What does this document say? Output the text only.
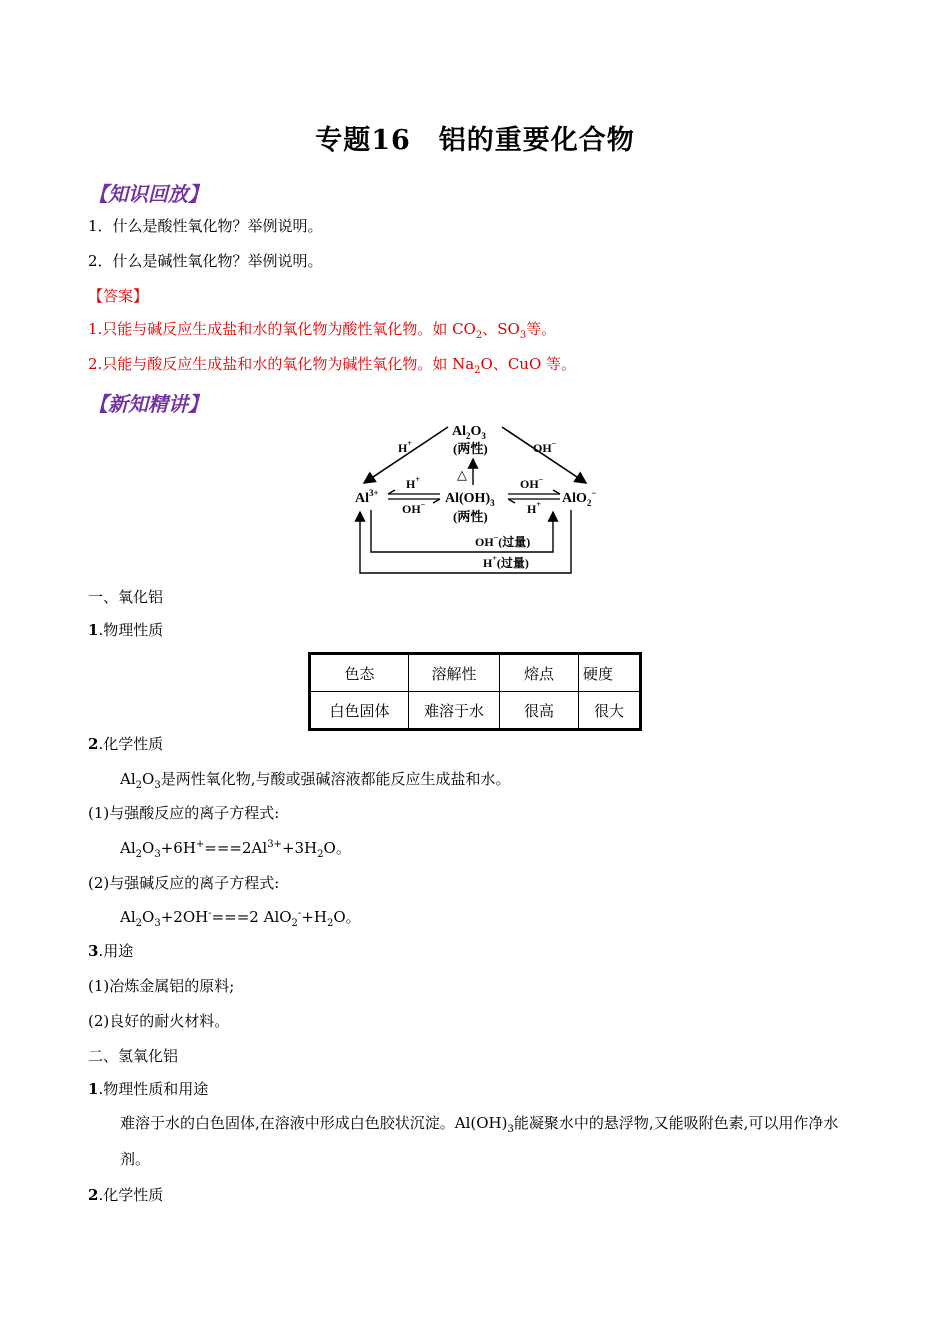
专题16　铝的重要化合物
【知识回放】
1．什么是酸性氧化物？举例说明。
2．什么是碱性氧化物？举例说明。
【答案】
1.只能与碱反应生成盐和水的氧化物为酸性氧化物。如 $CO_2$、$SO_3$等。
2.只能与酸反应生成盐和水的氧化物为碱性氧化物。如 $Na_2O$、CuO 等。
【新知精讲】
$Al_2O_3$
(两性)
H+	OH−
△
$Al^{3+}$	$Al(OH)_3$
(两性)
AlO$_2$−
H+
OH−
OH−
H+
OH−(过量)
H+(过量)
一、氧化铝
1.物理性质
色态	溶解性	熔点	硬度
白色固体	难溶于水	很高	很大
2.化学性质
$Al_2O_3$是两性氧化物,与酸或强碱溶液都能反应生成盐和水。
(1)与强酸反应的离子方程式:
$Al_2O_3+6H^+===2Al^{3+}+3H_2O$。
(2)与强碱反应的离子方程式:
$Al_2O_3+2OH^-===2$ $AlO_2^-+H_2O$。
3.用途
(1)冶炼金属铝的原料;
(2)良好的耐火材料。
二、氢氧化铝
1.物理性质和用途
难溶于水的白色固体,在溶液中形成白色胶状沉淀。$Al(OH)_3$能凝聚水中的悬浮物,又能吸附色素,可以用作净水剂。
2.化学性质
